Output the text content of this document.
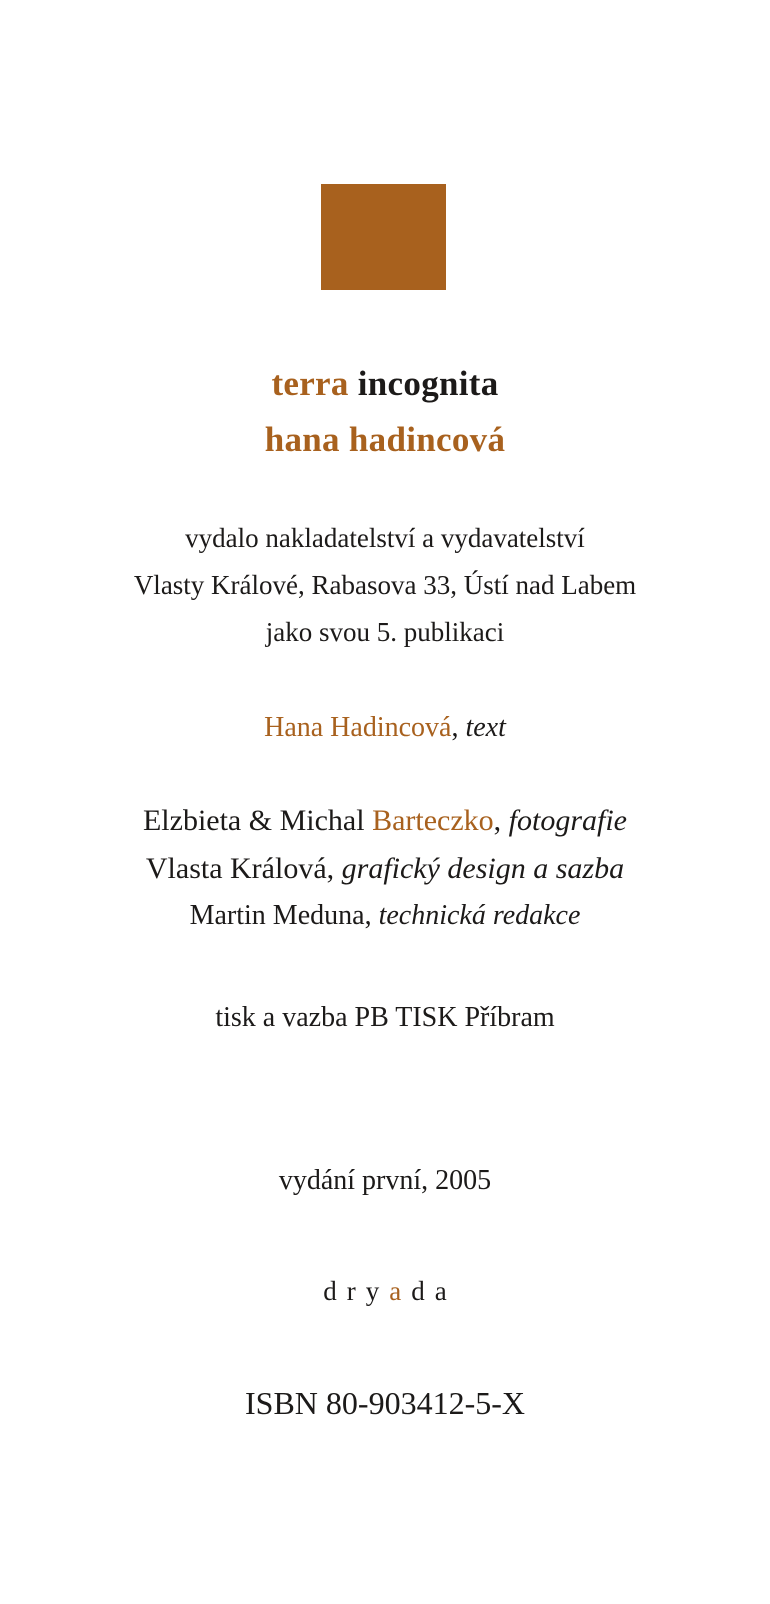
terra incognita
hana hadincová
vydalo nakladatelství a vydavatelství
Vlasty Králové, Rabasova 33, Ústí nad Labem
jako svou 5. publikaci
Hana Hadincová, text
Elzbieta & Michal Barteczko, fotografie
Vlasta Králová, grafický design a sazba
Martin Meduna, technická redakce
tisk a vazba PB TISK Příbram
vydání první, 2005
dryada
ISBN 80-903412-5-X
